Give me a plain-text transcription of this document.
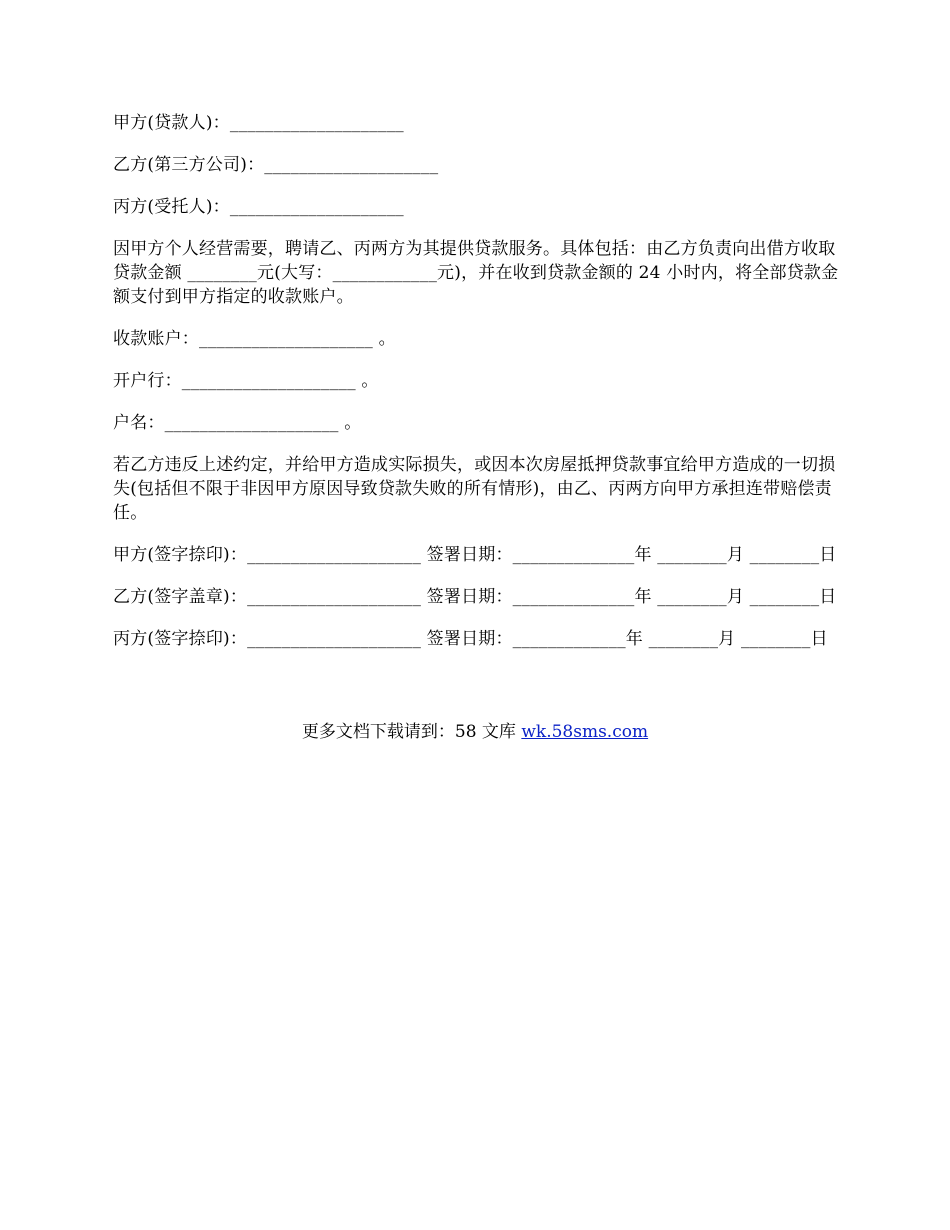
甲方(贷款人)：____________________

乙方(第三方公司)：____________________

丙方(受托人)：____________________

因甲方个人经营需要，聘请乙、丙两方为其提供贷款服务。具体包括：由乙方负责向出借方收取贷款金额 ________元(大写：____________元)，并在收到贷款金额的 24 小时内，将全部贷款金额支付到甲方指定的收款账户。

收款账户：____________________ 。

开户行：____________________ 。

户名：____________________ 。

若乙方违反上述约定，并给甲方造成实际损失，或因本次房屋抵押贷款事宜给甲方造成的一切损失(包括但不限于非因甲方原因导致贷款失败的所有情形)，由乙、丙两方向甲方承担连带赔偿责任。

甲方(签字捺印)：____________________ 签署日期：______________年 ________月 ________日

乙方(签字盖章)：____________________ 签署日期：______________年 ________月 ________日

丙方(签字捺印)：____________________ 签署日期：_____________年 ________月 ________日

更多文档下载请到：58 文库 wk.58sms.com
